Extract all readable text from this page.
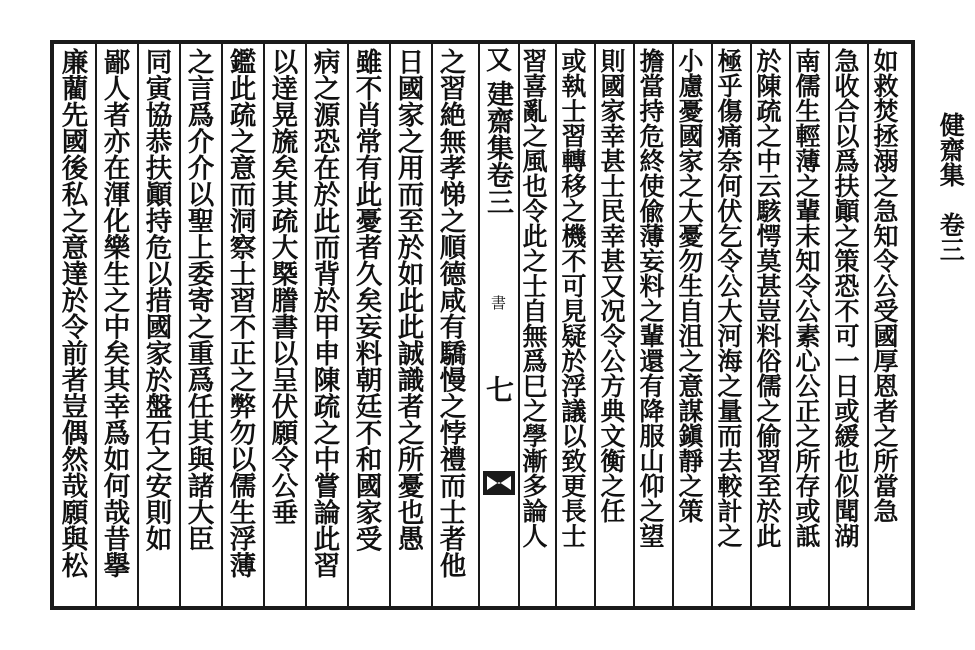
健齋集　卷三
又
建齋集卷三
書
七	如救焚拯溺之急知令公受國厚恩者之所當急
急收合以爲扶顚之策恐不可一日或緩也似聞湖
南儒生輕薄之輩末知令公素心公正之所存或詆
於陳疏之中云駭愕莫甚豈料俗儒之偷習至於此
極乎傷痛奈何伏乞令公大河海之量而去較計之
小慮憂國家之大憂勿生自沮之意謀鎭靜之策
擔當持危終使偸薄妄料之輩還有降服山仰之望
則國家幸甚士民幸甚又况令公方典文衡之任
或執士習轉移之機不可見疑於浮議以致更長士
習喜亂之風也令此之士自無爲巳之學漸多論人
之習絶無孝悌之順德咸有驕慢之悖禮而士者他
日國家之用而至於如此此誠識者之所憂也愚
雖不肖常有此憂者久矣妄料朝廷不和國家受
病之源恐在於此而背於甲申陳疏之中嘗論此習
以逹晃旒矣其疏大槩謄書以呈伏願令公垂
鑑此疏之意而洞察士習不正之弊勿以儒生浮薄
之言爲介介以聖上委寄之重爲任其與諸大臣
同寅協恭扶顚持危以措國家於盤石之安則如
鄙人者亦在渾化樂生之中矣其幸爲如何哉昔擧
廉藺先國後私之意達於令前者豈偶然哉願與松
